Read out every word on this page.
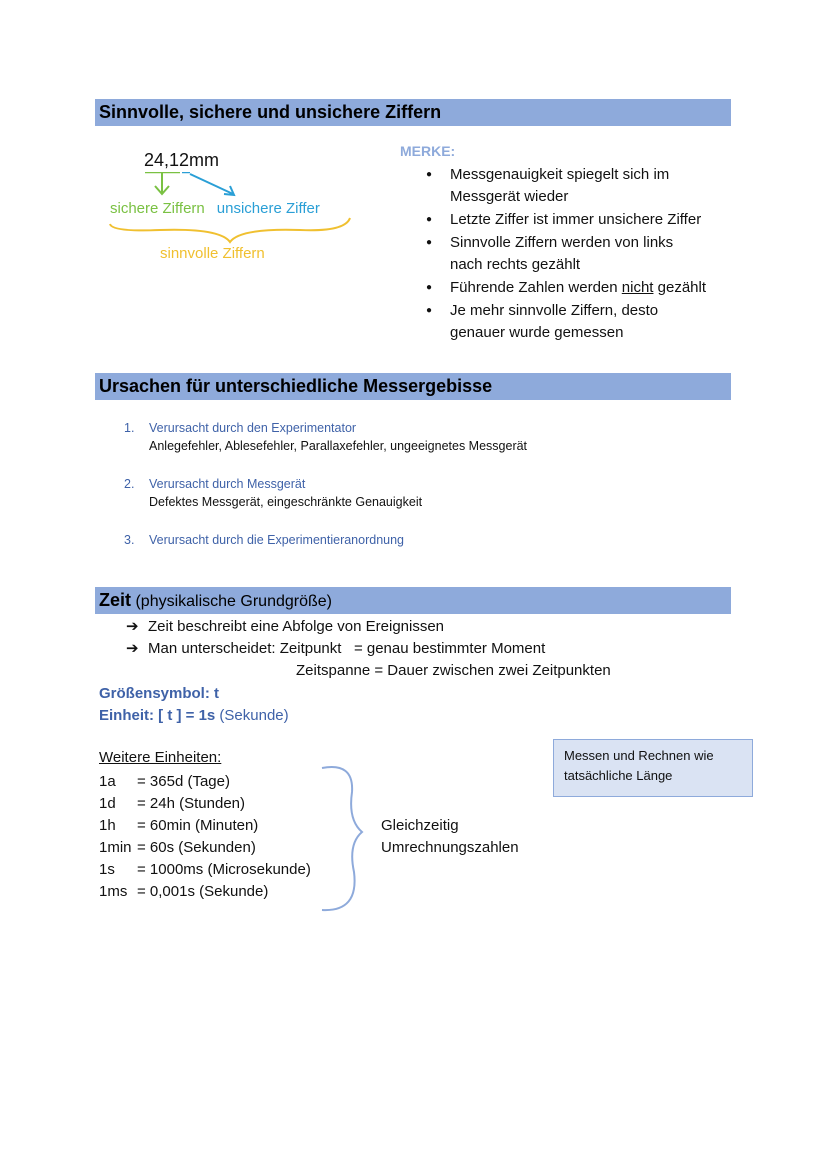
Sinnvolle, sichere und unsichere Ziffern
24,12mm
sichere Ziffern unsichere Ziffer
sinnvolle Ziffern
MERKE:
●	Messgenauigkeit spiegelt sich im
Messgerät wieder
●	Letzte Ziffer ist immer unsichere Ziffer
●	Sinnvolle Ziffern werden von links
nach rechts gezählt
●	Führende Zahlen werden nicht gezählt
●	Je mehr sinnvolle Ziffern, desto
genauer wurde gemessen
Ursachen für unterschiedliche Messergebisse
1.	Verursacht durch den Experimentator
Anlegefehler, Ablesefehler, Parallaxefehler, ungeeignetes Messgerät
2.	Verursacht durch Messgerät
Defektes Messgerät, eingeschränkte Genauigkeit
3.	Verursacht durch die Experimentieranordnung
Zeit (physikalische Grundgröße)
➔ Zeit beschreibt eine Abfolge von Ereignissen
➔ Man unterscheidet: Zeitpunkt   = genau bestimmter Moment
Zeitspanne = Dauer zwischen zwei Zeitpunkten
Größensymbol: t
Einheit: [ t ] = 1s (Sekunde)
Weitere Einheiten:
1a	= 365d (Tage)
1d	= 24h (Stunden)
1h	= 60min (Minuten)
1min = 60s (Sekunden)
1s	= 1000ms (Microsekunde)
1ms = 0,001s (Sekunde)
Gleichzeitig
Umrechnungszahlen
Messen und Rechnen wie
tatsächliche Länge
